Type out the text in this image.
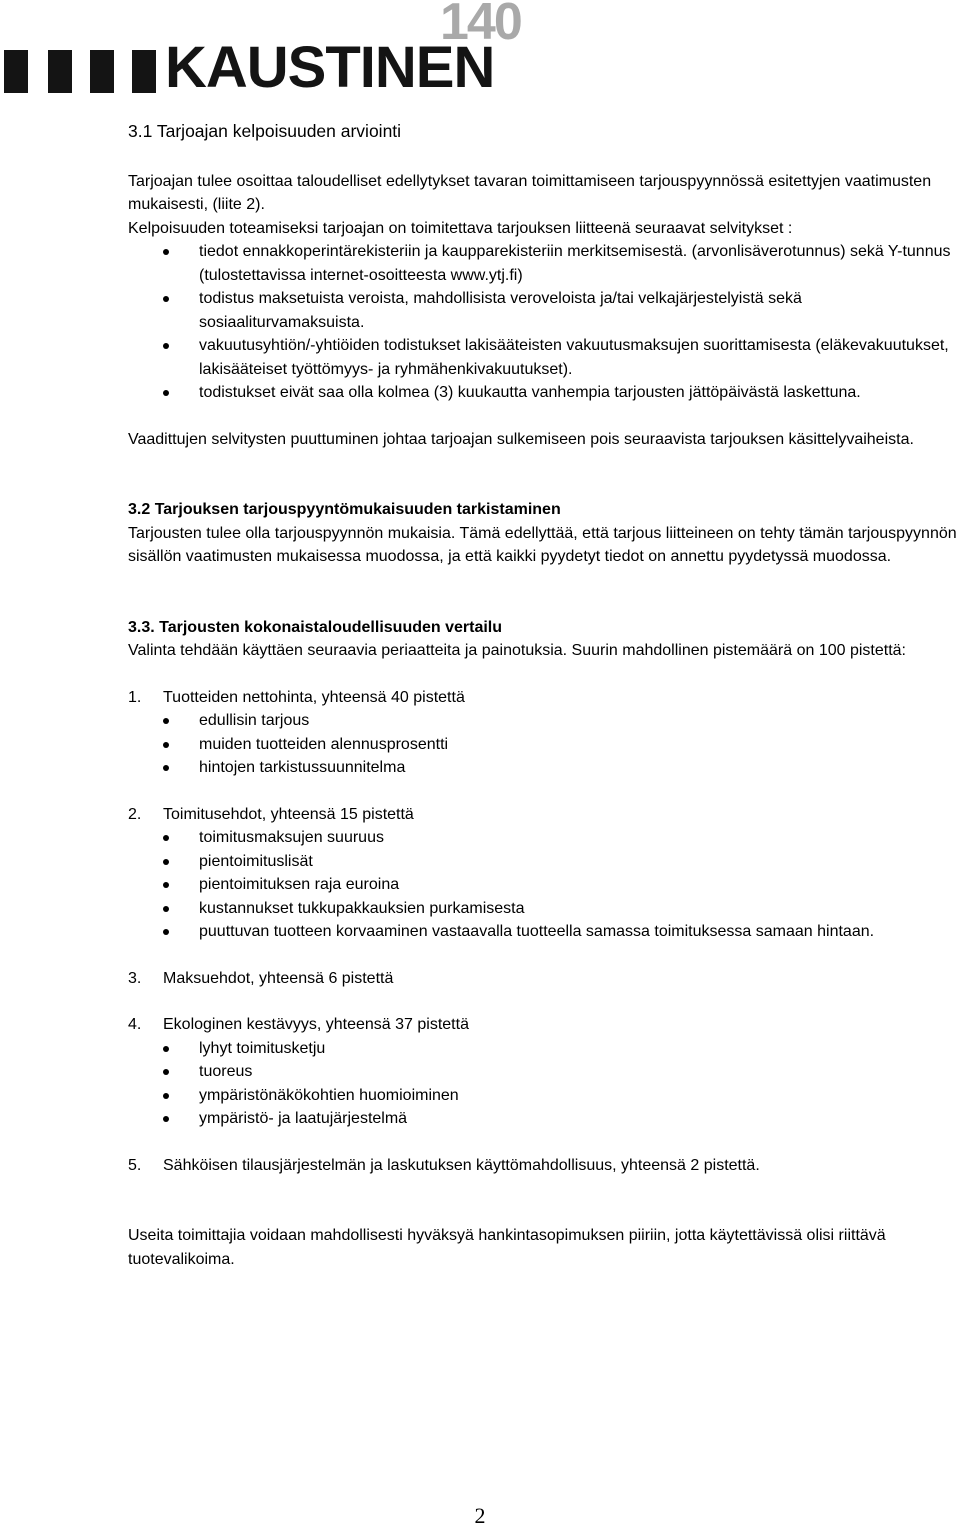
KAUSTINEN
140

3.1 Tarjoajan kelpoisuuden arviointi

Tarjoajan tulee osoittaa taloudelliset edellytykset tavaran toimittamiseen tarjouspyynnössä esitettyjen vaatimusten mukaisesti, (liite 2).

Kelpoisuuden toteamiseksi tarjoajan on toimitettava tarjouksen liitteenä seuraavat selvitykset :

tiedot ennakkoperintärekisteriin ja kaupparekisteriin merkitsemisestä. (arvonlisäverotunnus) sekä Y-tunnus (tulostettavissa internet-osoitteesta www.ytj.fi)
todistus maksetuista veroista, mahdollisista veroveloista ja/tai velkajärjestelyistä sekä sosiaaliturvamaksuista.
vakuutusyhtiön/-yhtiöiden todistukset lakisääteisten vakuutusmaksujen suorittamisesta (eläkevakuutukset, lakisääteiset työttömyys- ja ryhmähenkivakuutukset).
todistukset eivät saa olla kolmea (3) kuukautta vanhempia tarjousten jättöpäivästä laskettuna.

Vaadittujen selvitysten puuttuminen johtaa tarjoajan sulkemiseen pois seuraavista tarjouksen käsittelyvaiheista.

3.2 Tarjouksen tarjouspyyntömukaisuuden tarkistaminen

Tarjousten tulee olla tarjouspyynnön mukaisia. Tämä edellyttää, että tarjous liitteineen on tehty tämän tarjouspyynnön sisällön vaatimusten mukaisessa muodossa, ja että kaikki pyydetyt tiedot on annettu pyydetyssä muodossa.

3.3. Tarjousten kokonaistaloudellisuuden vertailu

Valinta tehdään käyttäen seuraavia periaatteita ja painotuksia. Suurin mahdollinen pistemäärä on 100 pistettä:

1.	Tuotteiden nettohinta, yhteensä 40 pistettä
edullisin tarjous
muiden tuotteiden alennusprosentti
hintojen tarkistussuunnitelma
2.	Toimitusehdot, yhteensä 15 pistettä
toimitusmaksujen suuruus
pientoimituslisät
pientoimituksen raja euroina
kustannukset tukkupakkauksien purkamisesta
puuttuvan tuotteen korvaaminen vastaavalla tuotteella samassa toimituksessa samaan hintaan.
3.	Maksuehdot, yhteensä 6 pistettä
4.	Ekologinen kestävyys, yhteensä 37 pistettä
lyhyt toimitusketju
tuoreus
ympäristönäkökohtien huomioiminen
ympäristö- ja laatujärjestelmä
5.	Sähköisen tilausjärjestelmän ja laskutuksen käyttömahdollisuus, yhteensä 2 pistettä.

Useita toimittajia voidaan mahdollisesti hyväksyä hankintasopimuksen piiriin, jotta käytettävissä olisi riittävä tuotevalikoima.

2
